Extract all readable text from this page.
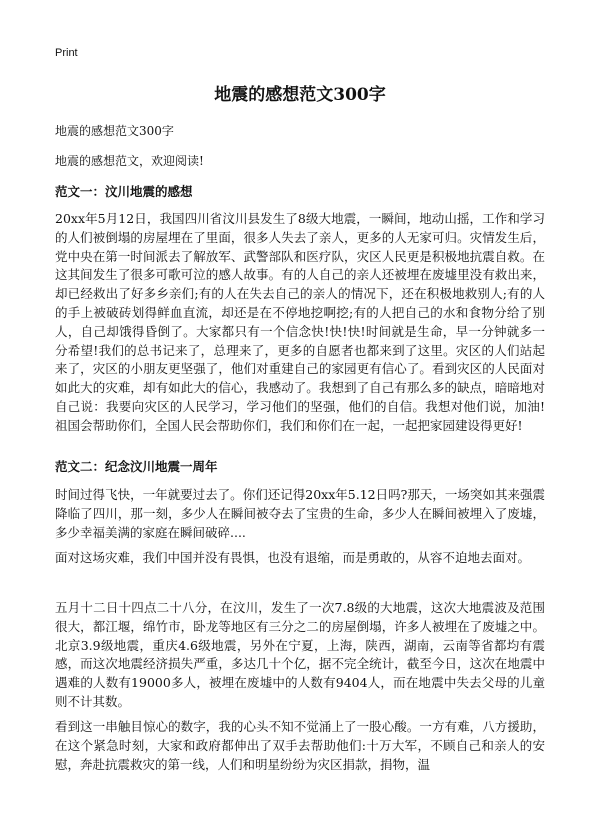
Print
地震的感想范文300字

地震的感想范文300字

地震的感想范文，欢迎阅读!

范文一：汶川地震的感想

20xx年5月12日，我国四川省汶川县发生了8级大地震，一瞬间，地动山摇，工作和学习的人们被倒塌的房屋埋在了里面，很多人失去了亲人，更多的人无家可归。灾情发生后，党中央在第一时间派去了解放军、武警部队和医疗队，灾区人民更是积极地抗震自救。在这其间发生了很多可歌可泣的感人故事。有的人自己的亲人还被埋在废墟里没有救出来，却已经救出了好多乡亲们;有的人在失去自己的亲人的情况下，还在积极地救别人;有的人的手上被破砖划得鲜血直流，却还是在不停地挖啊挖;有的人把自己的水和食物分给了别人，自己却饿得昏倒了。大家都只有一个信念快!快!快!时间就是生命，早一分钟就多一分希望!我们的总书记来了，总理来了，更多的自愿者也都来到了这里。灾区的人们站起来了，灾区的小朋友更坚强了，他们对重建自己的家园更有信心了。看到灾区的人民面对如此大的灾难，却有如此大的信心，我感动了。我想到了自己有那么多的缺点，暗暗地对自己说：我要向灾区的人民学习，学习他们的坚强，他们的自信。我想对他们说，加油!祖国会帮助你们，全国人民会帮助你们，我们和你们在一起，一起把家园建设得更好!

范文二：纪念汶川地震一周年

时间过得飞快，一年就要过去了。你们还记得20xx年5.12日吗?那天，一场突如其来强震降临了四川，那一刻，多少人在瞬间被夺去了宝贵的生命，多少人在瞬间被埋入了废墟，多少幸福美满的家庭在瞬间破碎....

面对这场灾难，我们中国并没有畏惧，也没有退缩，而是勇敢的，从容不迫地去面对。

五月十二日十四点二十八分，在汶川，发生了一次7.8级的大地震，这次大地震波及范围很大，都江堰，绵竹市，卧龙等地区有三分之二的房屋倒塌，许多人被埋在了废墟之中。北京3.9级地震，重庆4.6级地震，另外在宁夏，上海，陕西，湖南，云南等省都均有震感，而这次地震经济损失严重，多达几十个亿，据不完全统计，截至今日，这次在地震中遇难的人数有19000多人，被埋在废墟中的人数有9404人，而在地震中失去父母的儿童则不计其数。

看到这一串触目惊心的数字，我的心头不知不觉涌上了一股心酸。一方有难，八方援助，在这个紧急时刻，大家和政府都伸出了双手去帮助他们:十万大军，不顾自己和亲人的安慰，奔赴抗震救灾的第一线，人们和明星纷纷为灾区捐款，捐物，温
